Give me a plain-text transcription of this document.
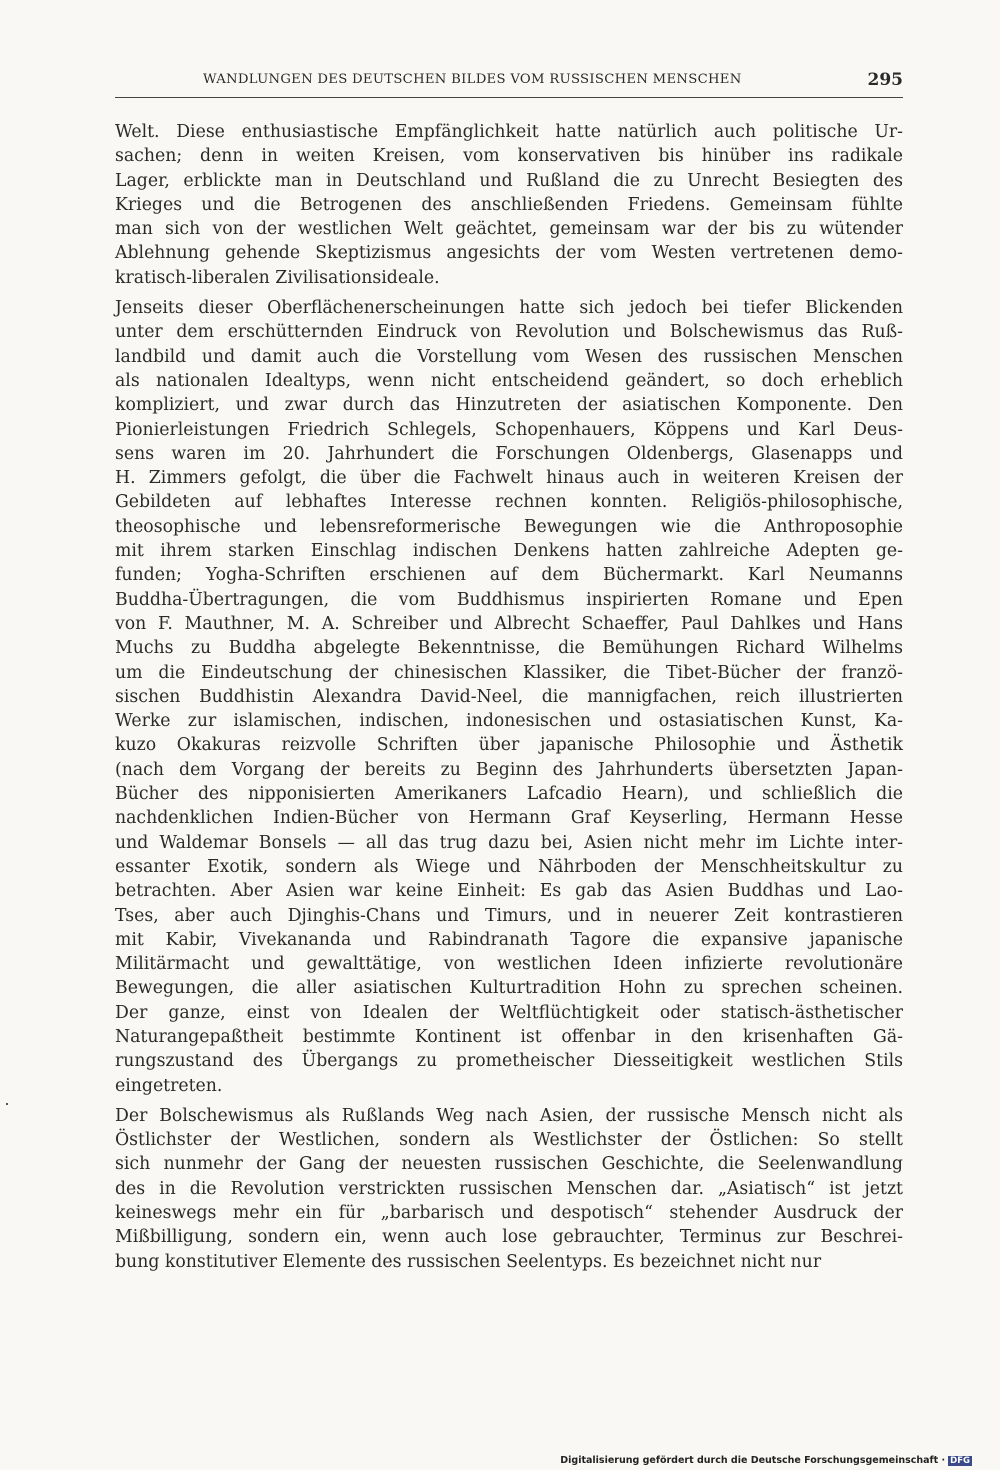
WANDLUNGEN DES DEUTSCHEN BILDES VOM RUSSISCHEN MENSCHEN	295

Welt. Diese enthusiastische Empfänglichkeit hatte natürlich auch politische Ur-
sachen; denn in weiten Kreisen, vom konservativen bis hinüber ins radikale
Lager, erblickte man in Deutschland und Rußland die zu Unrecht Besiegten des
Krieges und die Betrogenen des anschließenden Friedens. Gemeinsam fühlte
man sich von der westlichen Welt geächtet, gemeinsam war der bis zu wütender
Ablehnung gehende Skeptizismus angesichts der vom Westen vertretenen demo-
kratisch-liberalen Zivilisationsideale.

Jenseits dieser Oberflächenerscheinungen hatte sich jedoch bei tiefer Blickenden
unter dem erschütternden Eindruck von Revolution und Bolschewismus das Ruß-
landbild und damit auch die Vorstellung vom Wesen des russischen Menschen
als nationalen Idealtyps, wenn nicht entscheidend geändert, so doch erheblich
kompliziert, und zwar durch das Hinzutreten der asiatischen Komponente. Den
Pionierleistungen Friedrich Schlegels, Schopenhauers, Köppens und Karl Deus-
sens waren im 20. Jahrhundert die Forschungen Oldenbergs, Glasenapps und
H. Zimmers gefolgt, die über die Fachwelt hinaus auch in weiteren Kreisen der
Gebildeten auf lebhaftes Interesse rechnen konnten. Religiös-philosophische,
theosophische und lebensreformerische Bewegungen wie die Anthroposophie
mit ihrem starken Einschlag indischen Denkens hatten zahlreiche Adepten ge-
funden; Yogha-Schriften erschienen auf dem Büchermarkt. Karl Neumanns
Buddha-Übertragungen, die vom Buddhismus inspirierten Romane und Epen
von F. Mauthner, M. A. Schreiber und Albrecht Schaeffer, Paul Dahlkes und Hans
Muchs zu Buddha abgelegte Bekenntnisse, die Bemühungen Richard Wilhelms
um die Eindeutschung der chinesischen Klassiker, die Tibet-Bücher der franzö-
sischen Buddhistin Alexandra David-Neel, die mannigfachen, reich illustrierten
Werke zur islamischen, indischen, indonesischen und ostasiatischen Kunst, Ka-
kuzo Okakuras reizvolle Schriften über japanische Philosophie und Ästhetik
(nach dem Vorgang der bereits zu Beginn des Jahrhunderts übersetzten Japan-
Bücher des nipponisierten Amerikaners Lafcadio Hearn), und schließlich die
nachdenklichen Indien-Bücher von Hermann Graf Keyserling, Hermann Hesse
und Waldemar Bonsels — all das trug dazu bei, Asien nicht mehr im Lichte inter-
essanter Exotik, sondern als Wiege und Nährboden der Menschheitskultur zu
betrachten. Aber Asien war keine Einheit: Es gab das Asien Buddhas und Lao-
Tses, aber auch Djinghis-Chans und Timurs, und in neuerer Zeit kontrastieren
mit Kabir, Vivekananda und Rabindranath Tagore die expansive japanische
Militärmacht und gewalttätige, von westlichen Ideen infizierte revolutionäre
Bewegungen, die aller asiatischen Kulturtradition Hohn zu sprechen scheinen.
Der ganze, einst von Idealen der Weltflüchtigkeit oder statisch-ästhetischer
Naturangepaßtheit bestimmte Kontinent ist offenbar in den krisenhaften Gä-
rungszustand des Übergangs zu prometheischer Diesseitigkeit westlichen Stils
eingetreten.

Der Bolschewismus als Rußlands Weg nach Asien, der russische Mensch nicht als
Östlichster der Westlichen, sondern als Westlichster der Östlichen: So stellt
sich nunmehr der Gang der neuesten russischen Geschichte, die Seelenwandlung
des in die Revolution verstrickten russischen Menschen dar. „Asiatisch“ ist jetzt
keineswegs mehr ein für „barbarisch und despotisch“ stehender Ausdruck der
Mißbilligung, sondern ein, wenn auch lose gebrauchter, Terminus zur Beschrei-
bung konstitutiver Elemente des russischen Seelentyps. Es bezeichnet nicht nur

Digitalisierung gefördert durch die Deutsche Forschungsgemeinschaft · DFG
